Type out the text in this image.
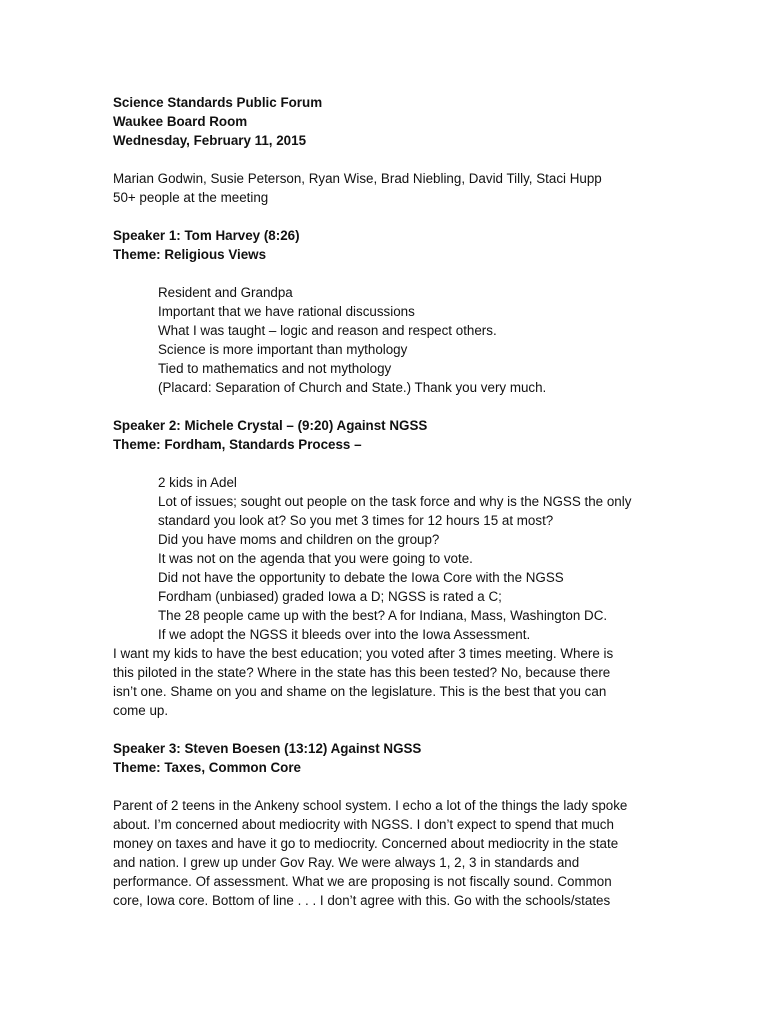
Science Standards Public Forum
Waukee Board Room
Wednesday, February 11, 2015
Marian Godwin, Susie Peterson, Ryan Wise, Brad Niebling, David Tilly, Staci Hupp
50+ people at the meeting
Speaker 1: Tom Harvey (8:26)
Theme: Religious Views
Resident and Grandpa
Important that we have rational discussions
What I was taught – logic and reason and respect others.
Science is more important than mythology
Tied to mathematics and not mythology
(Placard: Separation of Church and State.) Thank you very much.
Speaker 2: Michele Crystal – (9:20) Against NGSS
Theme: Fordham, Standards Process –
2 kids in Adel
Lot of issues; sought out people on the task force and why is the NGSS the only
standard you look at? So you met 3 times for 12 hours 15 at most?
Did you have moms and children on the group?
It was not on the agenda that you were going to vote.
Did not have the opportunity to debate the Iowa Core with the NGSS
Fordham (unbiased) graded Iowa a D; NGSS is rated a C;
The 28 people came up with the best? A for Indiana, Mass, Washington DC.
If we adopt the NGSS it bleeds over into the Iowa Assessment.
I want my kids to have the best education; you voted after 3 times meeting. Where is
this piloted in the state? Where in the state has this been tested? No, because there
isn’t one. Shame on you and shame on the legislature. This is the best that you can
come up.
Speaker 3: Steven Boesen (13:12) Against NGSS
Theme: Taxes, Common Core
Parent of 2 teens in the Ankeny school system. I echo a lot of the things the lady spoke
about. I’m concerned about mediocrity with NGSS. I don’t expect to spend that much
money on taxes and have it go to mediocrity. Concerned about mediocrity in the state
and nation. I grew up under Gov Ray. We were always 1, 2, 3 in standards and
performance. Of assessment. What we are proposing is not fiscally sound. Common
core, Iowa core. Bottom of line . . . I don’t agree with this. Go with the schools/states
